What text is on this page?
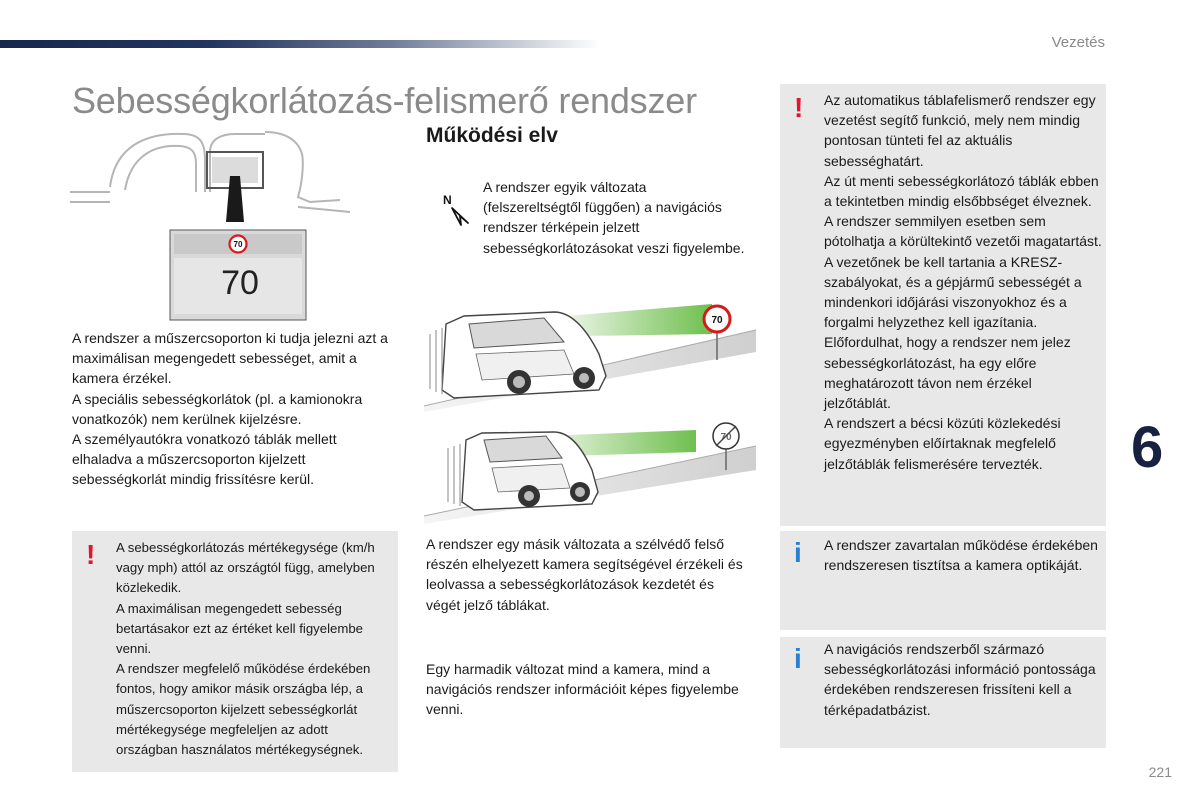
Vezetés
Sebességkorlátozás-felismerő rendszer
70
70

A rendszer a műszercsoporton ki tudja jelezni azt a maximálisan megengedett sebességet, amit a kamera érzékel.

A speciális sebességkorlátok (pl. a kamionokra vonatkozók) nem kerülnek kijelzésre.

A személyautókra vonatkozó táblák mellett elhaladva a műszercsoporton kijelzett sebességkorlát mindig frissítésre kerül.

! A sebességkorlátozás mértékegysége (km/h vagy mph) attól az országtól függ, amelyben közlekedik.

A maximálisan megengedett sebesség betartásakor ezt az értéket kell figyelembe venni.

A rendszer megfelelő működése érdekében fontos, hogy amikor másik országba lép, a műszercsoporton kijelzett sebességkorlát mértékegysége megfeleljen az adott országban használatos mértékegységnek.

Működési elv
N
A rendszer egyik változata (felszereltségtől függően) a navigációs rendszer térképein jelzett sebességkorlátozásokat veszi figyelembe.
70
70
A rendszer egy másik változata a szélvédő felső részén elhelyezett kamera segítségével érzékeli és leolvassa a sebességkorlátozások kezdetét és végét jelző táblákat.
Egy harmadik változat mind a kamera, mind a navigációs rendszer információit képes figyelembe venni.
! Az automatikus táblafelismerő rendszer egy vezetést segítő funkció, mely nem mindig pontosan tünteti fel az aktuális sebességhatárt.

Az út menti sebességkorlátozó táblák ebben a tekintetben mindig elsőbbséget élveznek.

A rendszer semmilyen esetben sem pótolhatja a körültekintő vezetői magatartást.

A vezetőnek be kell tartania a KRESZ-szabályokat, és a gépjármű sebességét a mindenkori időjárási viszonyokhoz és a forgalmi helyzethez kell igazítania.

Előfordulhat, hogy a rendszer nem jelez sebességkorlátozást, ha egy előre meghatározott távon nem érzékel jelzőtáblát.

A rendszert a bécsi közúti közlekedési egyezményben előírtaknak megfelelő jelzőtáblák felismerésére tervezték.

i A rendszer zavartalan működése érdekében rendszeresen tisztítsa a kamera optikáját.
i A navigációs rendszerből származó sebességkorlátozási információ pontossága érdekében rendszeresen frissíteni kell a térképadatbázist.
6
221
